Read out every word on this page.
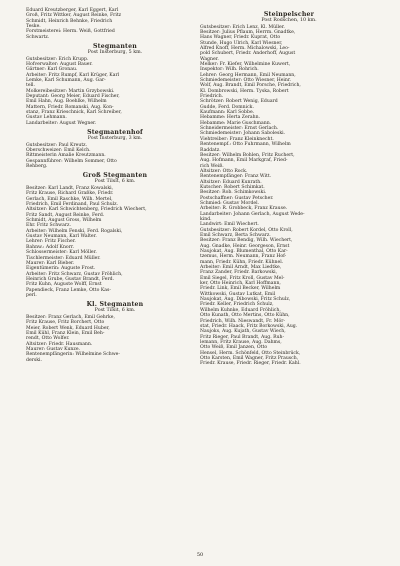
Eduard Kreutzberger, Karl Eggert, Karl
Groß, Fritz Wittker, August Reinke, Fritz
Schmidt, Heinrich Behnke, Friedrich
Teske.
Forstmeisterei: Herm. Weiß, Gottfried
Schwartz.
Stegmanten
Post Insterburg, 5 km.
Gutsbesitzer: Erich Krupp.
Hofverwalter: August Bauer.
Gärtner: Karl Gronau.
Arbeiter: Fritz Rumpf, Karl Krüger, Karl
Lemke, Karl Schumann, Aug. Gar-
tell.
Molkereibesitzer: Martin Grzybowski.
Deputant: Georg Meier, Eduard Fischer,
Emil Hahn, Aug. Boehlke, Wilhelm
Mattern, Friedr. Romanski, Aug. Kon-
stanz, Franz Krieschnick, Karl Schreiber,
Gustav Lehmann.
Landarbeiter: August Wegner.
Stegmantenhof
Post Insterburg, 3 km.
Gutsbesitzer: Paul Kreutz.
Oberschweizer: Emil Kelch.
Rittmeisterin Amalie Kreutzmann.
Gespannführer: Wilhelm Sommer, Otto
Rehberg.
Groß Stegmanten
Post Tilsit, 6 km.
Besitzer: Karl Landt, Franz Kowalski,
Fritz Krause, Richard Graßke, Friedr.
Gerlach, Emil Raschke, Wilh. Mertel,
Friedrich, Emil Ferdinand, Paul Schulz.
Altsitzer: Karl Schwichtenberg, Friedrich Wiechert,
Fritz Sandt, August Reinke, Ferd.
Schmidt, August Gross, Wilhelm
Ehr. Fritz Schwarz.
Arbeiter: Wilhelm Fenski, Ferd. Rogalski,
Gustav Neumann, Karl Walter.
Lehrer: Fritz Fischer.
Bahnw.: Adolf Knorr.
Schlossermeister: Karl Möller.
Tischlermeister: Eduard Müller.
Maurer: Karl Bieber.
Eigentümerin: Auguste Frost.
Arbeiter: Fritz Schwarz, Gustav Fröhlich,
Heinrich Grube, Gustav Brandt, Ferd.
Fritz Kuhn, Auguste Wolff, Ernst
Papendieck, Franz Lemke, Otto Kas-
perl.
Kl. Stegmanten
Post Tilsit, 6 km.
Besitzer: Franz Gerlach, Emil Gehrke,
Fritz Krause, Fritz Borchert, Otto
Meier, Robert Wenk, Eduard Huber,
Emil Kühl, Franz Klein, Emil Beh-
rendt, Otto Wolfer.
Altsitzer: Friedr. Hausmann.
Maurer: Gustav Kunze.
Rentenempfängerin: Wilhelmine Schwe-
derski.
Steinpelscher
Post Rodschen, 10 km.
Gutsbesitzer: Erich Lenz, Kl. Müller.
Besitzer: Julius Pflaum, Herrm. Gnadtke,
Hans Wagner, Friedr. Kuprat, Otto
Stunde, Hugo Ulrich, Karl Wiesner,
Alfred Knoff, Herm. Michalowski, Leo-
pold Schubert, Friedr. Anderhoff, August
Wagner.
Melker: Fr. Kiefer, Wilhelmine Kuwert,
Inspektor: Wilh. Rohrich.
Lehrer: Georg Hermann, Emil Neumann,
Schmiedemeister: Otto Wiesner, Heinr.
Wolf, Aug. Brandt, Emil Porsche, Friedrich,
Kl. Dombrowski, Herm. Tyska, Robert
Friedrich.
Schrötzer: Robert Wenig, Eduard
Gudde, Ferd. Domnick.
Kaufmann: Karl Sobbe.
Hebamme: Herta Zerahn.
Hebamme: Marie Guschmann.
Schneidermeister: Ernst Gerlach.
Schmiedemeister: Johann Saboleski.
Viehtreiber: Franz Kleinknecht.
Rentenempf.: Otto Fuhrmann, Wilhelm
Raddatz.
Besitzer: Wilhelm Bohlen, Fritz Ruchert,
Aug. Hofmann, Emil Markgraf, Fried-
rich Weiß.
Altsitzer: Otto Rock.
Rentenempfänger: Franz Witt.
Altsitzer: Eduard Kunrath.
Kutscher: Robert Schimkat.
Besitzer: Rob. Schimkowski.
Postschaffner: Gustav Petscher.
Schmied: Gustav Mordel.
Arbeiter: R. Grobbeck, Franz Krause.
Landarbeiter: Johann Gerlach, August Wede-
kind.
Landwirt: Emil Wiechert.
Gutsbesitzer: Robert Kordel, Otto Kroll,
Emil Schwarz, Berta Schwarz.
Besitzer: Franz Bendig, Wilh. Wiechert,
Aug. Gnadke, Heinr. Georgeson, Ernst
Naujokat, Aug. Blumenthal, Otto Kar-
tzemus, Herm. Neumann, Franz Hof-
mann, Friedr. Kühn, Friedr. Kühnel.
Arbeiter: Emil Arndt, Max Liedtke,
Franz Zander, Friedr. Barkowski,
Emil Siegel, Fritz Kroll, Gustav Mel-
ker, Otto Heinrich, Karl Hoffmann,
Friedr. Link, Emil Becker, Wilhelm
Wittkowski, Gustav Lutkat, Emil
Naujokat, Aug. Dibowski, Fritz Schulz,
Friedr. Keller, Friedrich Schulz,
Wilhelm Kuhnke, Eduard Fröhlich,
Otto Kunath, Otto Mertins, Otto Kühn,
Friedrich, Wilh. Nieswandt, Fr. Mör-
stat, Friedr. Haack, Fritz Borkowski, Aug.
Naujoks, Aug. Kujath, Gustav Wiech,
Fritz Rieger, Paul Brandt, Aug. Ruh-
lemann, Fritz Krause, Aug. Dahms,
Otto Weiß, Emil Janzen, Otto
Hensel, Herm. Schönfeld, Otto Steinbrück,
Otto Karsten, Emil Wagner, Fritz Prausch,
Friedr. Krause, Friedr. Rieger, Friedr. Kahl.
50
